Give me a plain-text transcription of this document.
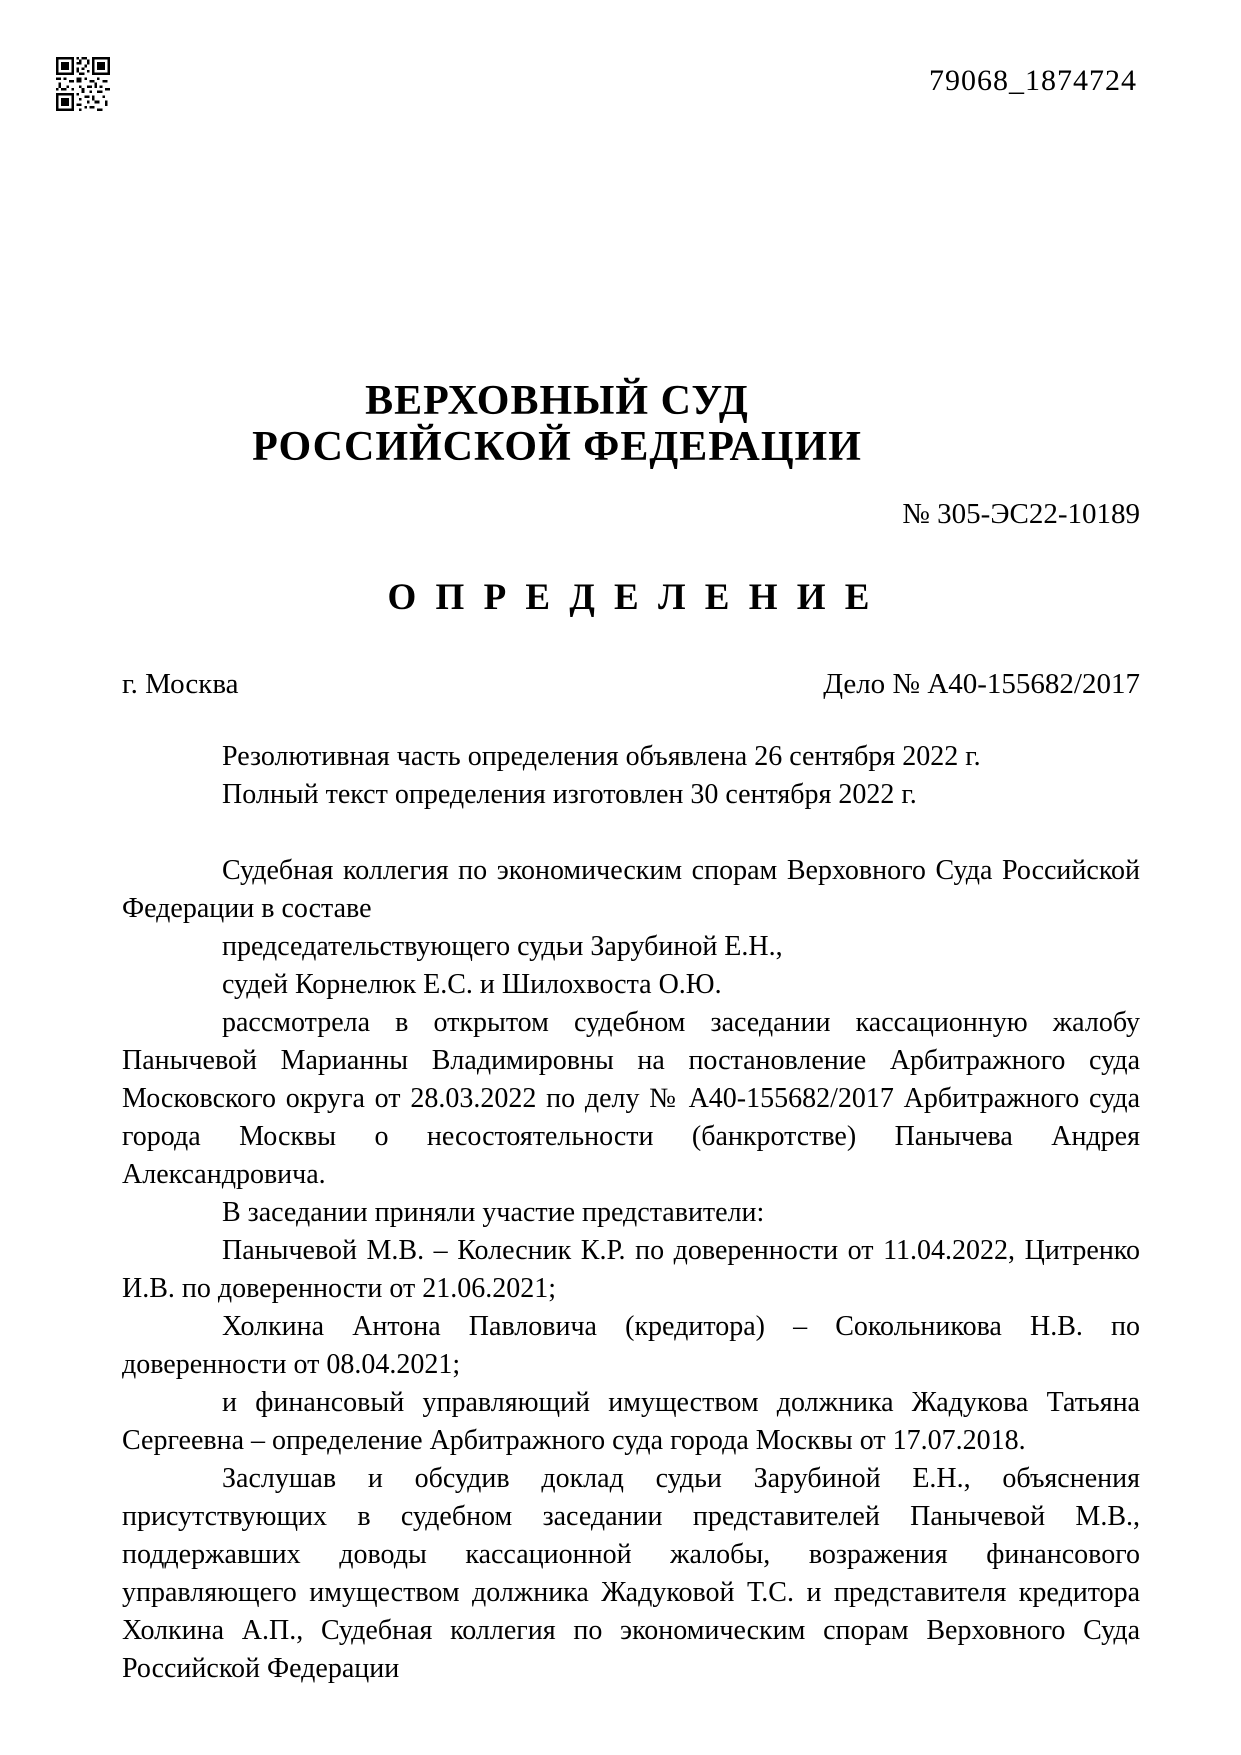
79068_1874724
ВЕРХОВНЫЙ СУД
РОССИЙСКОЙ ФЕДЕРАЦИИ
№ 305-ЭС22-10189
О П Р Е Д Е Л Е Н И Е
г. Москва	Дело № А40-155682/2017

Резолютивная часть определения объявлена 26 сентября 2022 г.

Полный текст определения изготовлен 30 сентября 2022 г.

Судебная коллегия по экономическим спорам Верховного Суда Российской Федерации в составе

председательствующего судьи Зарубиной Е.Н.,

судей Корнелюк Е.С. и Шилохвоста О.Ю.

рассмотрела в открытом судебном заседании кассационную жалобу Панычевой Марианны Владимировны на постановление Арбитражного суда Московского округа от 28.03.2022 по делу № А40-155682/2017 Арбитражного суда города Москвы о несостоятельности (банкротстве) Панычева Андрея Александровича.

В заседании приняли участие представители:

Панычевой М.В. – Колесник К.Р. по доверенности от 11.04.2022, Цитренко И.В. по доверенности от 21.06.2021;

Холкина Антона Павловича (кредитора) – Сокольникова Н.В. по доверенности от 08.04.2021;

и финансовый управляющий имуществом должника Жадукова Татьяна Сергеевна – определение Арбитражного суда города Москвы от 17.07.2018.

Заслушав и обсудив доклад судьи Зарубиной Е.Н., объяснения присутствующих в судебном заседании представителей Панычевой М.В., поддержавших доводы кассационной жалобы, возражения финансового управляющего имуществом должника Жадуковой Т.С. и представителя кредитора Холкина А.П., Судебная коллегия по экономическим спорам Верховного Суда Российской Федерации
